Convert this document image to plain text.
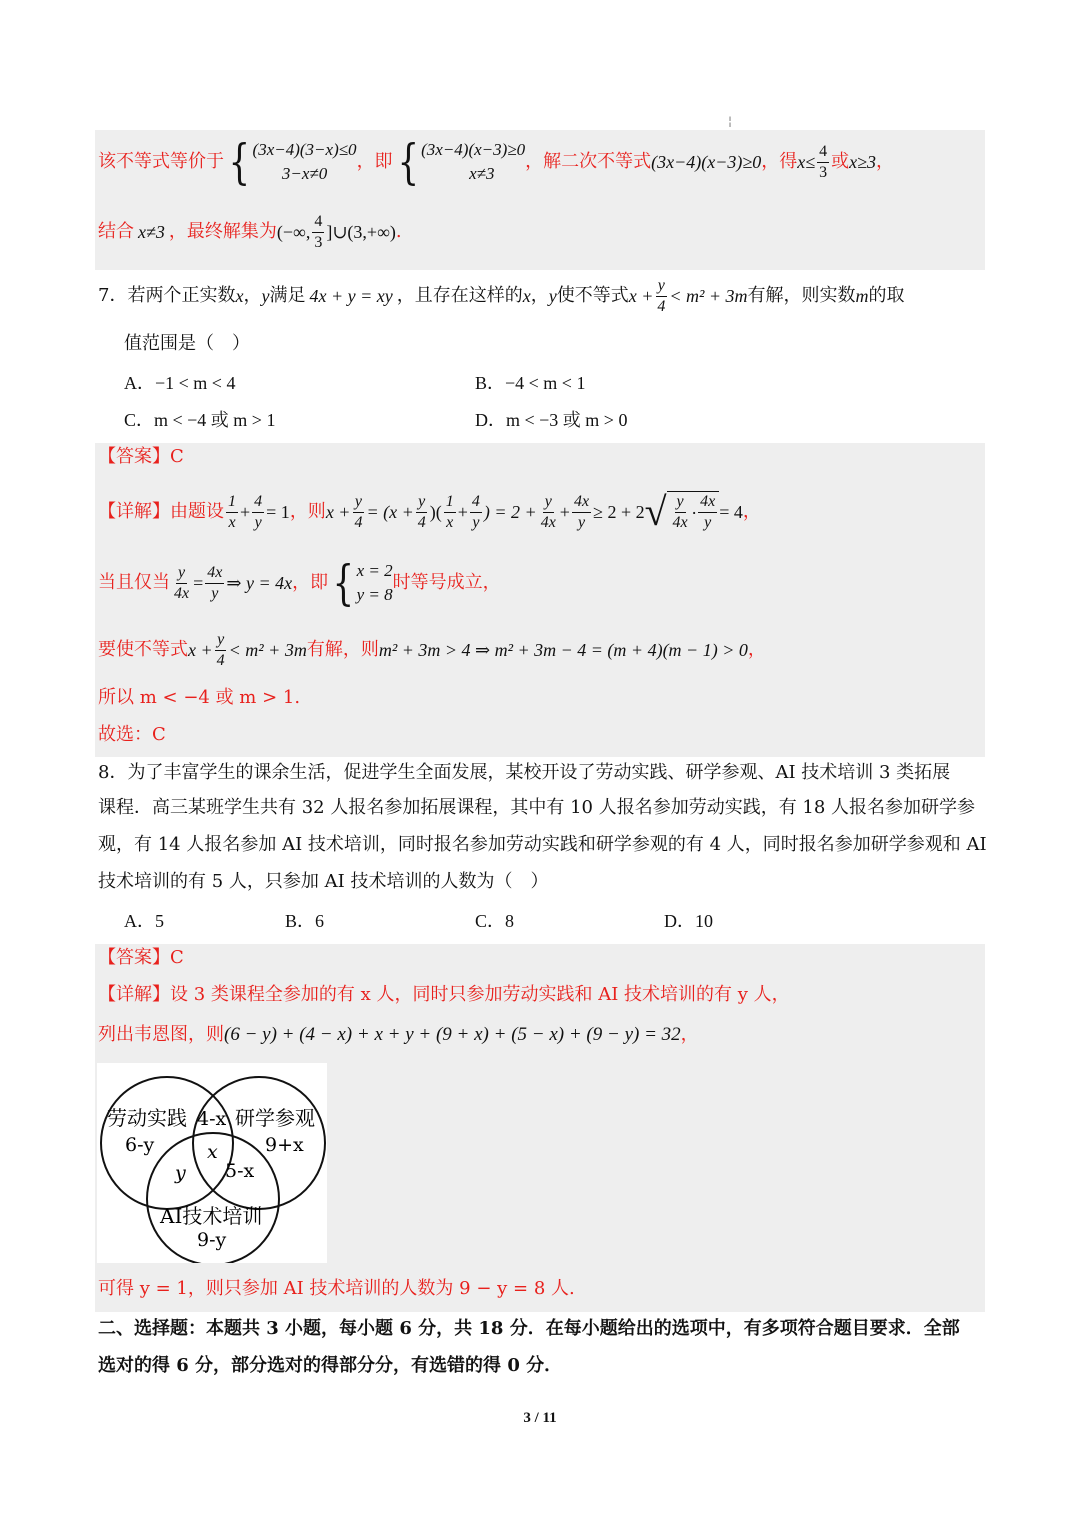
¦
该不等式等价于 { (3x−4)(3−x)≤0
3−x≠0
，即 { (3x−4)(x−3)≥0
x≠3
，解二次不等式 (3x−4)(x−3)≥0 ，得 $x\le \frac{4}{3}$ 或 x≥3 ，
结合 x≠3 ，最终解集为 (−∞, $\frac{4}{3}$ ]∪(3,+∞) .
7．若两个正实数 x ， y 满足 4x + y = xy ，且存在这样的 x ， y 使不等式 $x + \frac{y}{4} < m^2 + 3m$ 有解，则实数 m 的取
值范围是（　）
A．−1 < m < 4	B．−4 < m < 1
C．m < −4 或 m > 1	D．m < −3 或 m > 0
【答案】C
【详解】由题设 $\frac{1}{x} + \frac{4}{y} = 1$ ，则 $x + \frac{y}{4} = (x + \frac{y}{4}$ )( $\frac{1}{x} + \frac{4}{y}$ ) = $2 + \frac{y}{4x} + \frac{4x}{y} \ge 2 + 2$ √ $\frac{y}{4x} \cdot \frac{4x}{y} = 4$ ，
当且仅当 $\frac{y}{4x} = \frac{4x}{y}$ ⇒ y = 4x ，即 { x = 2
y = 8
时等号成立，
要使不等式 $x + \frac{y}{4} < m^2 + 3m$ 有解，则 m² + 3m > 4 ⇒ m² + 3m − 4 = (m + 4)(m − 1) > 0 ，
所以 m < −4 或 m > 1.
故选：C
8．为了丰富学生的课余生活，促进学生全面发展，某校开设了劳动实践、研学参观、AI 技术培训 3 类拓展
课程．高三某班学生共有 32 人报名参加拓展课程，其中有 10 人报名参加劳动实践，有 18 人报名参加研学参
观，有 14 人报名参加 AI 技术培训，同时报名参加劳动实践和研学参观的有 4 人，同时报名参加研学参观和 AI
技术培训的有 5 人，只参加 AI 技术培训的人数为（　）
A．5	B．6	C．8	D．10
【答案】C
【详解】设 3 类课程全参加的有 x 人，同时只参加劳动实践和 AI 技术培训的有 y 人，
列出韦恩图，则 (6 − y) + (4 − x) + x + y + (9 + x) + (5 − x) + (9 − y) = 32 ，
劳动实践 研学参观
6-y
4-x
9+x
x
y 5-x
AI技术培训
9-y
可得 y = 1，则只参加 AI 技术培训的人数为 9 − y = 8 人.
二、选择题：本题共 3 小题，每小题 6 分，共 18 分．在每小题给出的选项中，有多项符合题目要求．全部
选对的得 6 分，部分选对的得部分分，有选错的得 0 分．
3 / 11
